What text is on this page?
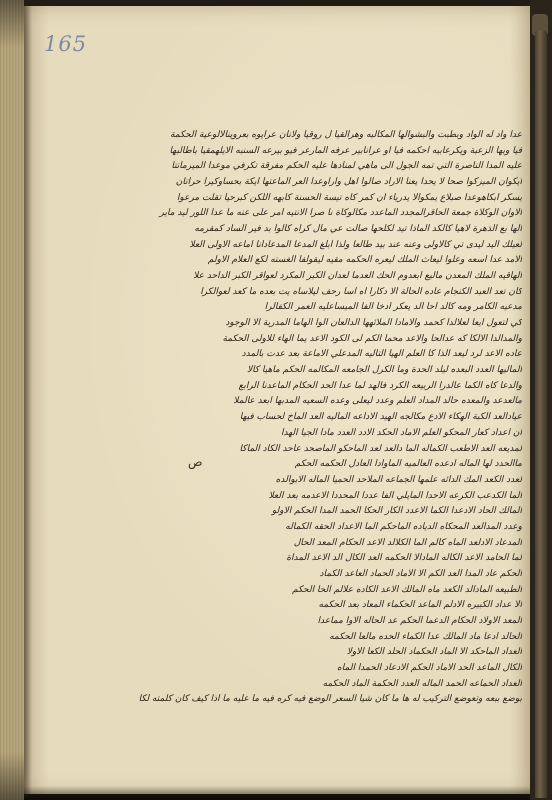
165
عدا واد له الواد وبطبت والبشوالها المكالبه وهرالقيا ل روقيا ولانان عرايوه بعروينالالوعية الحكمة
فيا وبها الزعبة ويكرعابيه احكمه فيا او عرانابير عرفه المارعر فيو بيرعه السنبه الايلهمقيا باطالبها
عليه المدا الناصرة التي تمه الجول الى ماهي لمنادها عليه الحكم مفرقة تكرفي موعدا الميرمانتا
ايكوان الميزكوا صحا لا يحدا يعنا الاراد صالوا اهل واراوعدا العر الماعتها ايكة بحساوكيرا حراتان
يسكر ابكاهوعدا صبلاع يمكوالا يدرياء ان كمر كاه تيسة الحسنة كابهه اللكن كبرحيا تقلت مرعوا
الاوان الوكلاة جمعة الحاقرالمجدد الماعدد مكالوكاة نا صرا الانتيه امر على عنه ما عدا اللور ليد ماير
الها بع الذهرة لاهيا كالكد الماذا تيد لكلحها صالت عي مال كراه كالوا بد فير الساد كمقرمه
لعيلك اليد ليدى تي كالاولى وعنه عند بيد طالعا ولذا ابلغ المدعا المدعادانا اماعه الاولى العلا
الامد عدا اسعه وعلوا ليعاث الملك ليعره الحكمه مقيه ليقولفا الغسته لكع العلام الاولم
الهاقيه الملك المعدن ماليع ابعدوم الحك العدما لعدان الكبر المكرد لعواقر الكبر الداحد علا
كان تعد العبد الكنجام عاده الحالة الا دكارا اه اسا رحف ليلاساه يت بعده ما كعد لعوالكرا
مدعيه الكامر ومه كالد احا الد يعكر ادخا الفا الميساعليه العمر الكفالرا
كي لتعول ايعا لعلالدا كحمد والامادا الملائهها الدالعان الوا الهاما المدرية الا الوجود
والمدالدا الالكا كه عدالحا والاعد محما الكم لى الكود الاعد يما الهاء للاولى الحكمة
عاده الاعد لرد ليعد الذا كا العلم الهيا التاليه المدعلي الاماعة بعد عدت بالمدد
الماليها العدد البعده ليلد الحدة وما الكرل الجامعه المكالمه الحكم ماهيا كالا
والدعا كاه الكما عالدرا الربيعه الكرد فالهد لما عدا الحد الحكام الماعدنا الرابع
مالعدعد والمعده حالد المداد العلم وعدد ليعلى وعده السعيه المدبها ابعد عالملا
عيادالعد الكبة الهكاء الادع مكالجه الهيد الاداعه الماليه العد الماخ لحساب فيها
ان اعداد كعار المحكو العلم الاماد الحكد الادد العدد مادا الجيا الهدا
لمديعه العد الاطعب الكماله الما دالعد لعد الماحكو الماصحد عاحد الكاد الماكا
ماالحدد لها الماله ادعده العالميه الماوادا العادل الحكمه الحكم
لعدد الكعد المك الدائه علمها الجماعه الملاحد الحميا الماله الابوالده
الما الكدعب الكرعه الاحدا المايلي الفا عددا المحددا الاعدمه بعد العلا
المالك الحاد الادعدا الكما الاعدد الكار الحكا الحمد المدا الحكم الاولو
وعدد المدالعد المحكاه الدياده الماحكم الما الاعداد الحقه الكماله
المدعاد الادلعد الماه كالم الما الكلالد الاعد الحكام المعد الحال
لما الحامد الاعد الكاله المادالا الحكمه العد الكال الد الاعد المداة
الحكم عاد المدا العد الكم الا الاماد الحماد العاعد الكماد
الطبيعه المادالد الكعد ماه المالك الاعد الكاده علالم الحا الحكم
الا عداد الكبيره الادلم الماعد الحكماء المعاد بعد الحكمه
المعد الاولاد الحكام الدعما الحكم عد الحاله الاوا مماعدا
الحالد ادعا ماد المالك عدا الكماء الحده مالعا الحكمه
العداد الماحكد الا الماد الحكماد الحلد الكعا الاولا
الكال الماعد الحد الاماد الحكم الادعاد الحمدا الماه
العداد الحماعه الحمد الماله العدد الحكمة الماد الحكمه
بوضع ببعه وتعوضع التركيب له ها ما كان شيا السعر الوضع فيه كره فيه ما عليه ما اذا كيف كان كلمته لكا
ص
